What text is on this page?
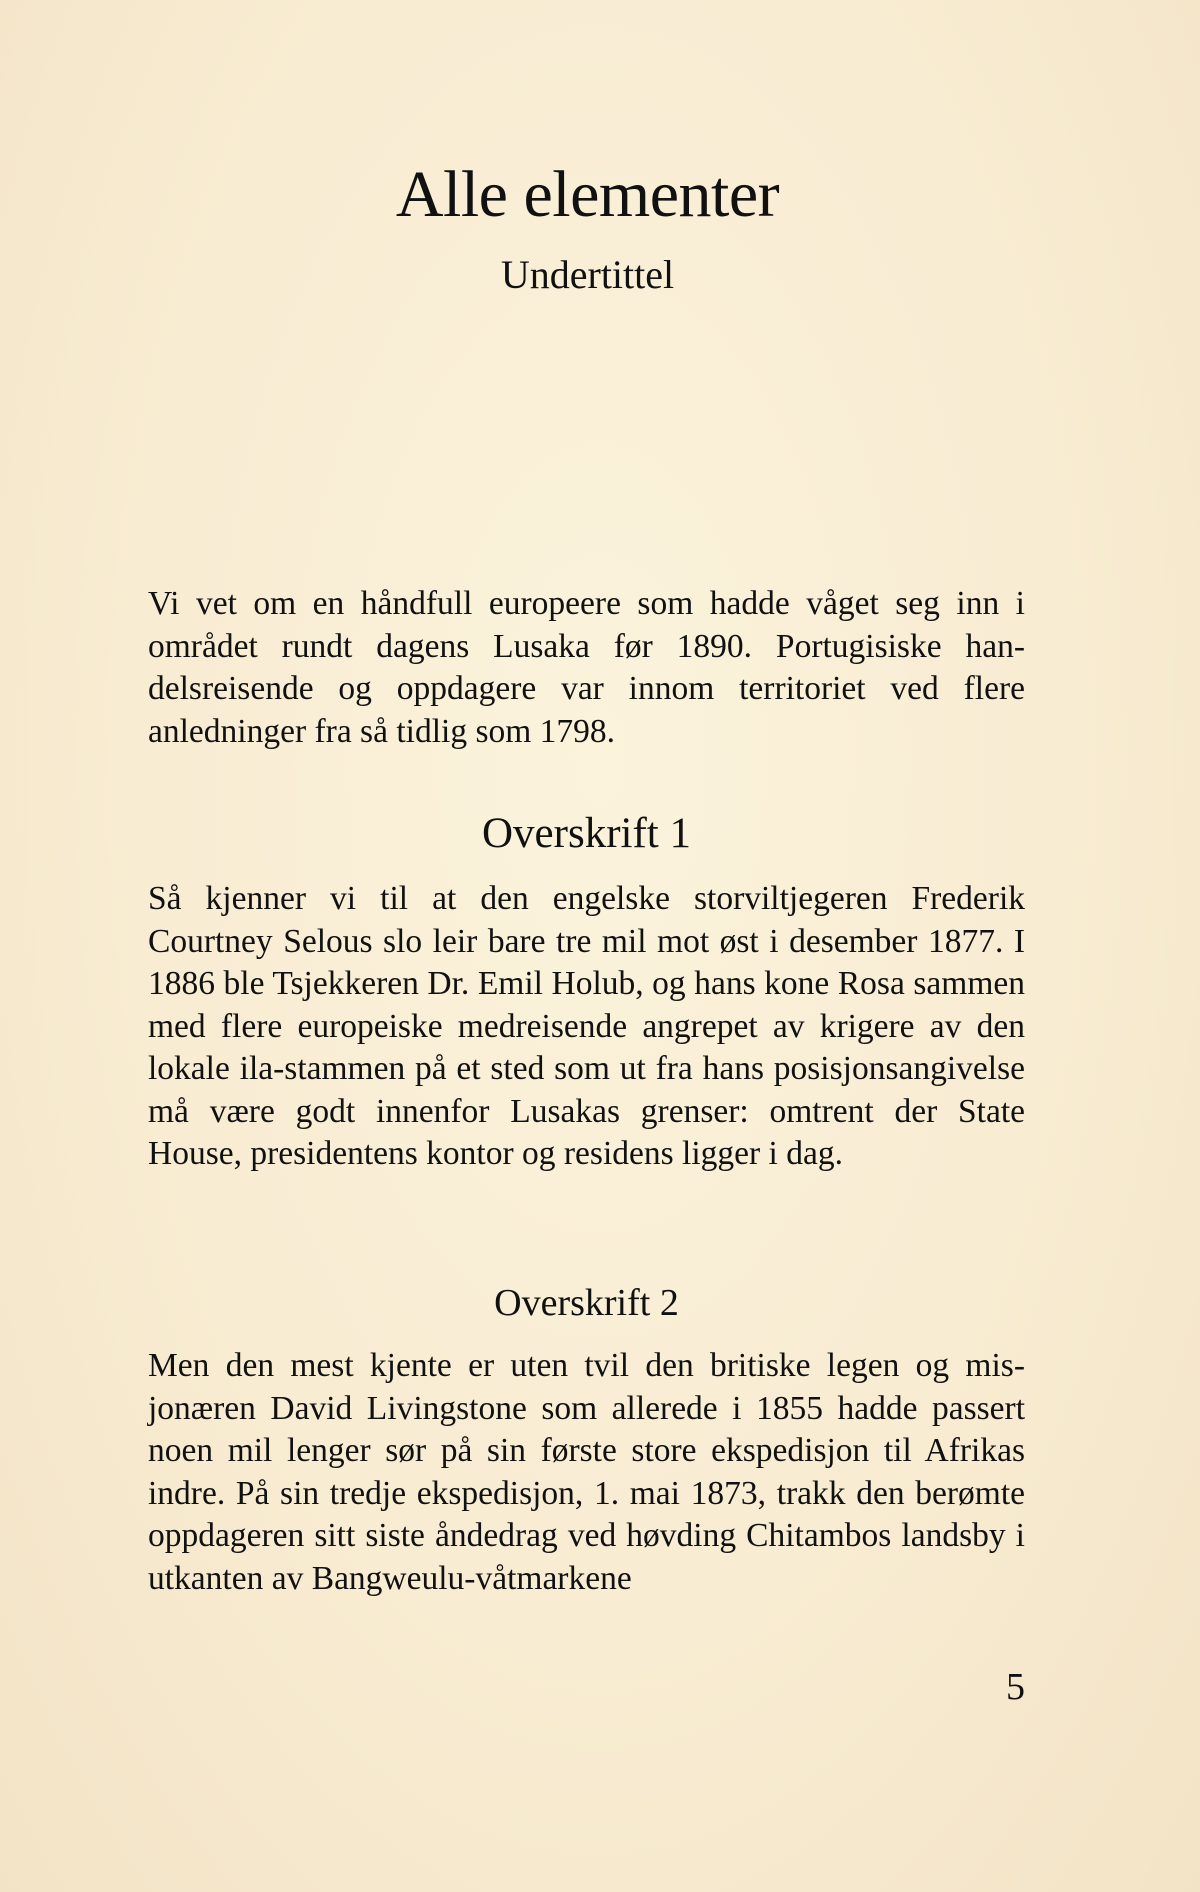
Alle elementer
Undertittel

Vi vet om en håndfull europeere som hadde våget seg inn i området rundt dagens Lusaka før 1890. Portugisiske handelsreisende og oppdagere var innom territoriet ved flere anledninger fra så tidlig som 1798.

Overskrift 1

Så kjenner vi til at den engelske storviltjegeren Frederik Courtney Selous slo leir bare tre mil mot øst i desember 1877. I 1886 ble Tsjekkeren Dr. Emil Holub, og hans kone Rosa sammen med flere europeiske medreisende angrepet av krigere av den lokale ila-stammen på et sted som ut fra hans posisjonsangivelse må være godt innenfor Lusakas grenser: omtrent der State House, presidentens kontor og residens ligger i dag.

Overskrift 2

Men den mest kjente er uten tvil den britiske legen og misjonæren David Livingstone som allerede i 1855 hadde passert noen mil lenger sør på sin første store ekspedisjon til Afrikas indre. På sin tredje ekspedisjon, 1. mai 1873, trakk den berømte oppdageren sitt siste åndedrag ved høvding Chitambos landsby i utkanten av Bangweulu-våtmarkene

5
